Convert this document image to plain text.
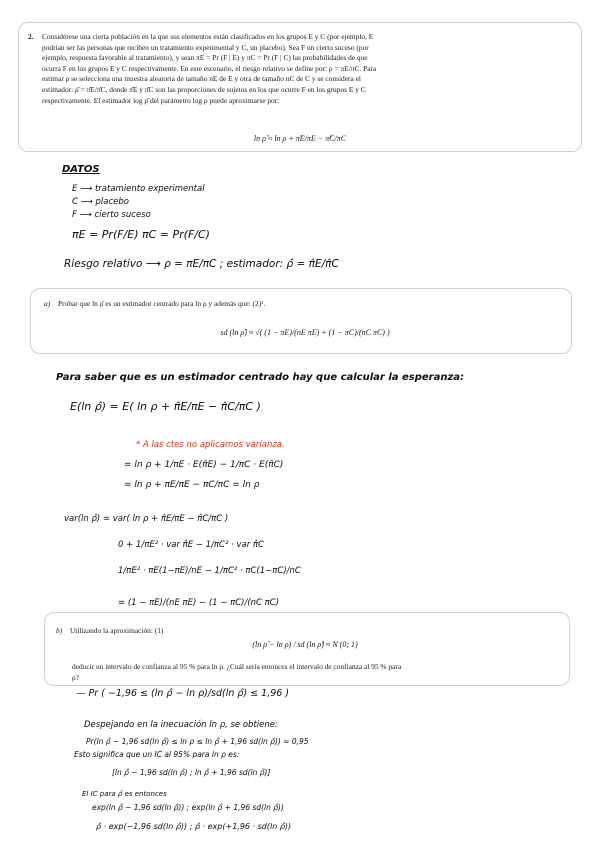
2. Considérese una cierta población en la que sus elementos están clasificados en los grupos E y C (por ejemplo, E
podrían ser las personas que reciben un tratamiento experimental y C, un placebo). Sea F un cierto suceso (por
ejemplo, respuesta favorable al tratamiento), y sean πE = Pr (F | E) y πC = Pr (F | C) las probabilidades de que
ocurra F en los grupos E y C respectivamente. En este escenario, el riesgo relativo se define por: ρ = πE/πC. Para
estimar ρ se selecciona una muestra aleatoria de tamaño nE de E y otra de tamaño nC de C y se considera el
estimador: ρ̂ = π̂E/π̂C, donde π̂E y π̂C son las proporciones de sujetos en los que ocurre F en los grupos E y C
respectivamente. El estimador log ρ̂ del parámetro log ρ puede aproximarse por:
ln ρ̂ ≈ ln ρ + π̂E/πE − π̂C/πC
DATOS
E ⟶ tratamiento experimental
C ⟶ placebo
F ⟶ cierto suceso
πE = Pr(F/E) πC = Pr(F/C)
Riesgo relativo ⟶ ρ = πE/πC ; estimador: ρ̂ = π̂E/π̂C
a) Probar que ln ρ̂ es un estimador centrado para ln ρ y además que: (2)¹.
sd (ln ρ̂) ≈ √( (1 − πE)/(nE πE) + (1 − πC)/(nC πC) )
Para saber que es un estimador centrado hay que calcular la esperanza:
E(ln ρ̂) = E( ln ρ + π̂E/πE − π̂C/πC )
* A las ctes no aplicamos varianza.
= ln ρ + 1/πE · E(π̂E) − 1/πC · E(π̂C)
= ln ρ + πE/πE − πC/πC = ln ρ
var(ln ρ̂) = var( ln ρ + π̂E/πE − π̂C/πC )
0 + 1/πE² · var π̂E − 1/πC² · var π̂C
1/πE² · πE(1−πE)/nE − 1/πC² · πC(1−πC)/nC
= (1 − πE)/(nE πE) − (1 − πC)/(nC πC)
b) Utilizando la aproximación: (1)
(ln ρ̂ − ln ρ) / sd (ln ρ̂) ≈ N (0; 1)
deducir un intervalo de confianza al 95 % para ln ρ. ¿Cuál sería entonces el intervalo de confianza al 95 % para
ρ?
— Pr ( −1,96 ≤ (ln ρ̂ − ln ρ)/sd(ln ρ̂) ≤ 1,96 )
Despejando en la inecuación ln ρ, se obtiene:
Pr(ln ρ̂ − 1,96 sd(ln ρ̂) ≤ ln ρ ≤ ln ρ̂ + 1,96 sd(ln ρ̂)) ≈ 0,95
Esto significa que un IC al 95% para ln ρ es:
[ln ρ̂ − 1,96 sd(ln ρ̂) ; ln ρ̂ + 1,96 sd(ln ρ̂)]
El IC para ρ̂ es entonces
exp(ln ρ̂ − 1,96 sd(ln ρ̂)) ; exp(ln ρ̂ + 1,96 sd(ln ρ̂))
ρ̂ · exp(−1,96 sd(ln ρ̂)) ; ρ̂ · exp(+1,96 · sd(ln ρ̂))
